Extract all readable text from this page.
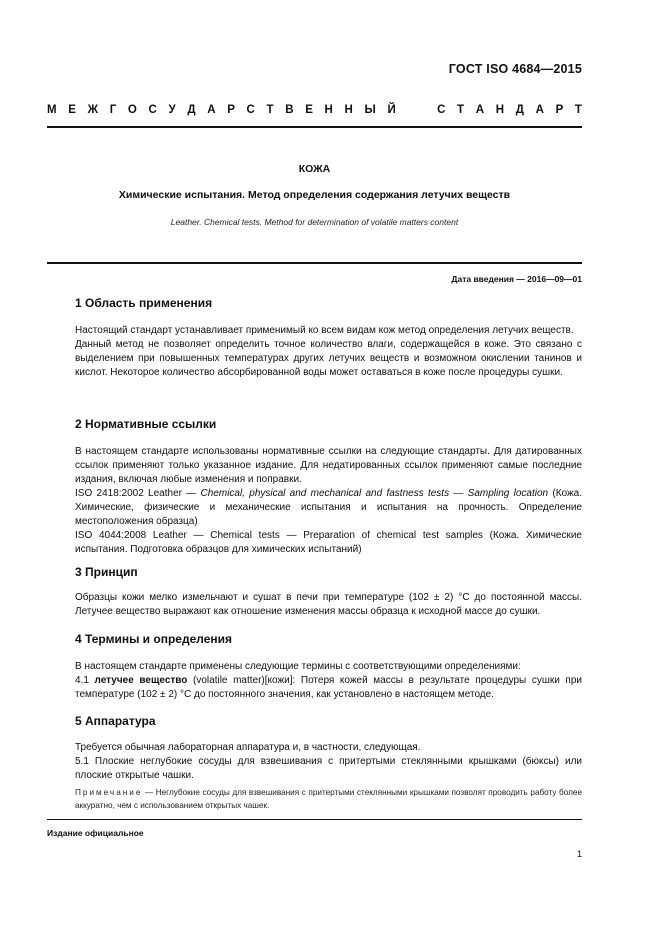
ГОСТ ISO 4684—2015
М Е Ж Г О С У Д А Р С Т В Е Н Н Ы Й	С Т А Н Д А Р Т
КОЖА
Химические испытания. Метод определения содержания летучих веществ
Leather. Chemical tests. Method for determination of volatile matters content
Дата введения — 2016—09—01
1 Область применения
Настоящий стандарт устанавливает применимый ко всем видам кож метод определения летучих веществ.
Данный метод не позволяет определить точное количество влаги, содержащейся в коже. Это связано с выделением при повышенных температурах других летучих веществ и возможном окислении танинов и кислот. Некоторое количество абсорбированной воды может оставаться в коже после процедуры сушки.
2 Нормативные ссылки
В настоящем стандарте использованы нормативные ссылки на следующие стандарты. Для датированных ссылок применяют только указанное издание. Для недатированных ссылок применяют самые последние издания, включая любые изменения и поправки.
ISO 2418:2002 Leather — Chemical, physical and mechanical and fastness tests — Sampling location (Кожа. Химические, физические и механические испытания и испытания на прочность. Определение местоположения образца)
ISO 4044:2008 Leather — Chemical tests — Preparation of chemical test samples (Кожа. Химические испытания. Подготовка образцов для химических испытаний)
3 Принцип
Образцы кожи мелко измельчают и сушат в печи при температуре (102 ± 2) °С до постоянной массы. Летучее вещество выражают как отношение изменения массы образца к исходной массе до сушки.
4 Термины и определения
В настоящем стандарте применены следующие термины с соответствующими определениями:
4.1 летучее вещество (volatile matter)[кожи]: Потеря кожей массы в результате процедуры сушки при температуре (102 ± 2) °С до постоянного значения, как установлено в настоящем методе.
5 Аппаратура
Требуется обычная лабораторная аппаратура и, в частности, следующая.
5.1 Плоские неглубокие сосуды для взвешивания с притертыми стеклянными крышками (бюксы) или плоские открытые чашки.
Примечание — Неглубокие сосуды для взвешивания с притертыми стеклянными крышками позволят проводить работу более аккуратно, чем с использованием открытых чашек.
Издание официальное
1
